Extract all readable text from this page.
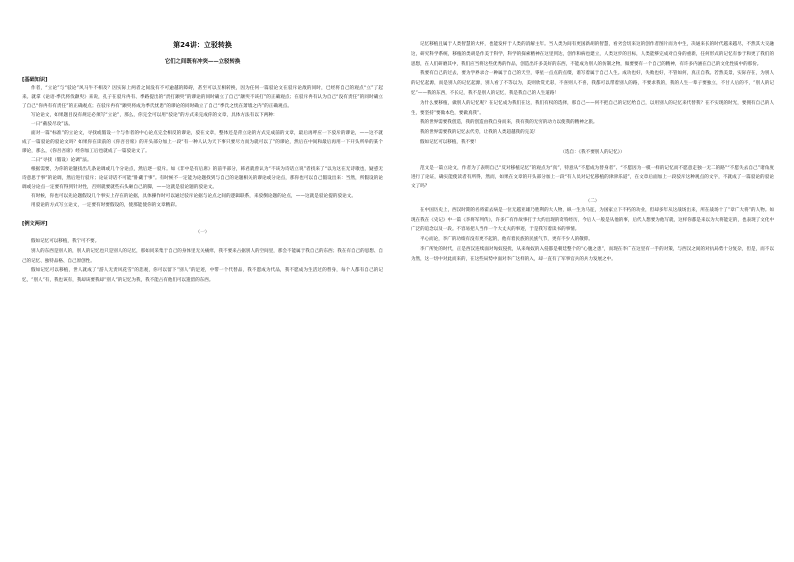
第24讲：立驳转换
它们之间既有冲突——立驳转换
[基础知识]

作者，“立论”与“驳论”风马牛不相及？因实际上两者之间没有不可逾越的障碍，甚至可以互相转换，因为任何一篇驳论文在驳斥论敌的同时，已经将自己的观点“立”了起来。就拿《论语·季氏将伐颛臾》来说，孔子在驳斥冉有、季路提出的“责打颛臾”的谬论的同时确立了自己“颛臾不该打”的正确观点；在驳斥冉有认为自己“没有责任”的同时确立了自己“你冉有有责任”的正确观点；在驳斥冉有“颛臾将成为季氏忧患”的谬论的同时确立了自己“季氏之忧在萧墙之内”的正确观点。

写论论文，如果题目没有规定必须写“立论”，那么，你完全可以用“驳论”的方式来完成你的文章，具体方法有以下两种：

一日“截驳尽攻”法。

面对一篇“标准”的立论文，寻找或假设一个与作者的中心论点完全相反的谬论，驳在文章，整体还是背立论的方式完成前的文章，最后再呼应一下驳斥的谬论，——这不就成了一篇驳论的驳论文吗？如果你在读前的《你吾吾席》的开头部分加上一段“有一种人认为天下事只要尽力而为就可以了”的谬论，然后在中间和最后再用一下开头所举的某个谬论，那么，《你吾吾席》经你加工后也就成了一篇驳论文了。

二日“寻找（假设）论调”法。

根据需要，为你的论题找出几条论调或几个分论点，然后逐一驳斥。如《非中是有后席》的前半部分，韩君就曾认为“不该为诗话立说”者找来了“以为这在无诗歌也，疑惑无诗意思于事”的论调，然后进行驳斥；论证诗话不可能“卧藏于事”。有时候不一定能为论题找到与自己的论题相关的谬论或分论点，那你也可以自己假设出来：当然，所假设的论调或分论点一定要有得到针对性，否则就要就些石头砸自己的脚，——这就是驳论题的驳论文。

有时候，你也可以先论题假设几个事实上存在的论据，具体操作时可以通过驳斥论据与论点之间的逻辑联系，来驳倒论题的论点，——这就是驳论提的驳论文。

用驳论的方式写立论文，一定要有时要假设的，使那能使你的文章精彩。

[例文两评]
（一）

假如记忆可以移植，我宁可不要。

别人的东西是别人的，别人的记忆也只是别人的记忆，那如同采集于自己的身体里无关痛痒，我不要来占据别人的空间里，那会不能属于我自己的东西；我在有自己的思想、自己的记忆、独特品格、自己原创性。

假如记忆可以移植，世人就成了“游人无责风花雪”的悲观，你可以留下“别人”的足迹，中带一个代替品，我不愿成为代品，我不愿成为生活过的替身，每个人都有自己的记忆，“别人”有，我也该有，我却该要我却“别人”的记忆为我，我不能占有他们可以遗留的东西。

记忆移植且属于人类智慧的大杯，也能发杆于人类的消解主年。当人类为间有更国新胡的智慧，看劣会切来这的创作者图片而为中生，决通来长的时代越来越尽，不然其大交融这，研究科学系统，移植的类胡是作美于科学，科学的探索精神在这里到达，创作和病也建立，人类这步的目标，人类能够完成对自身的重新，任何形式的记忆有参于和更了我们的思想，在人们研磨其中，我们应当将这些优秀的作品，创造出许多美好的东西，不能成为别人的仿制之物，做要要有一个自己的精神，有许多内涵在自己的文化性质中的那份。

我要有自己的过去，要为学界录合一种属于自己的天空，零星一点点的点缀，谱写着属于自己人生。成功也好，失败也好，不管如何，真正自我。若然美景，实际存在，为别人的记忆起源，而是别人的记忆起源，别人看了不等以为，美则欣赏光彩，不喜则人不喜，我都可以带着别人的路，不要求我的，我的人生一辈子要独立，不甘人后的不，“别人的记忆”——我的东西，不长记，我不是别人的记忆，我是我自己的人生道路！

为什么要移植，做别人的记忆呢？在记忆成为我们在这，我们有权的选择，那自己——何不把自己的记忆给自己，以用别人的记忆来代替我？在不实现的时光，要拥有自己的人生，要坚持“要做本色，要做真我”。

我的世界需要我创造，我的创造由我自身而来，我有我的无穷的动力以使我的精神之旅。

我的世界需要我的记忆去代劳，让我的人类超越我的完美！

假如记忆可以移植，我不要！

（选自：《我不要别人的记忆》）

范文是一篇立论文，作者为了表明自己“反对移植记忆”的观点为“真”，特意从“不愿成为替身者”、“不愿因为一模一样的记忆而不愿意走独一无二的路”“不愿失去自己”诸角度进行了论证，确实能使读者有所得，然而，如果在文章的开头部分加上一段“有人员对记忆移植的津津乐道”，在文章后面加上一段驳斥这种观点的文字，不就成了一篇驳论的驳论文了吗？

（二）

在中国历史上，西汉时期的名将霍去病是一位无越亚雄乃胜利的大人物，纵一生为马征，为国家立下不朽的功业，但却多年从这战场出来，所在战场十了“章广大将”的人物。如现在我在《史记》中一篇《李将军列传》，许多广有作故事打于大约出现的奇特经历，今后人一般是从他的事，后代人想要为他写就，这样你都是来以为大将能定的，也表现了文化中广泛的追念以及一段。不容易把人当作一个大丈夫的事迹，于是我写着读书的事情。

平心而论，李广的功绩有没有更不起的，他有着民族的民族气节，更有不少人的敬仰。

李广所处的时代，正是西汉连续面对匈奴侵扰，从来匈奴的入侵都是朝廷整个的“心腹之患”，而现在李广在这里有一手的对策，与西汉之间的对抗局势十分复杂，但是，而不以为然，这一切中对此而来的，在这些局势中面对李广这样的入，却一直有了军事官兵的兵力发展之中。
